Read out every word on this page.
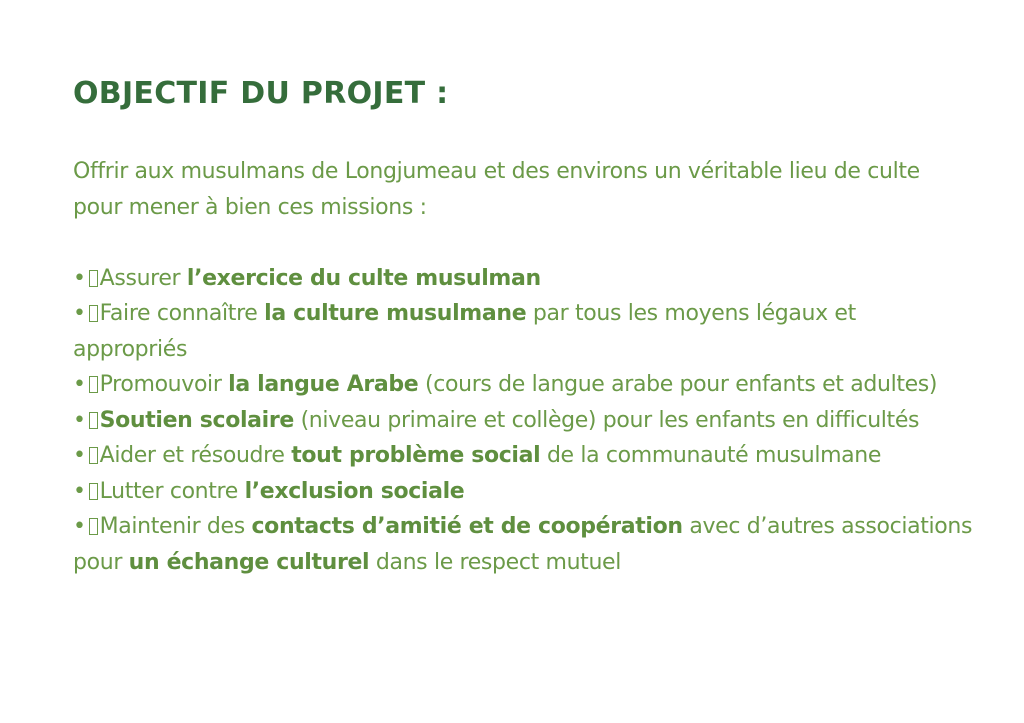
OBJECTIF DU PROJET :

Offrir aux musulmans de Longjumeau et des environs un véritable lieu de culte pour mener à bien ces missions :

• Assurer l’exercice du culte musulman
• Faire connaître la culture musulmane par tous les moyens légaux et appropriés
• Promouvoir la langue Arabe (cours de langue arabe pour enfants et adultes)
• Soutien scolaire (niveau primaire et collège) pour les enfants en difficultés
• Aider et résoudre tout problème social de la communauté musulmane
• Lutter contre l’exclusion sociale
• Maintenir des contacts d’amitié et de coopération avec d’autres associations pour un échange culturel dans le respect mutuel
